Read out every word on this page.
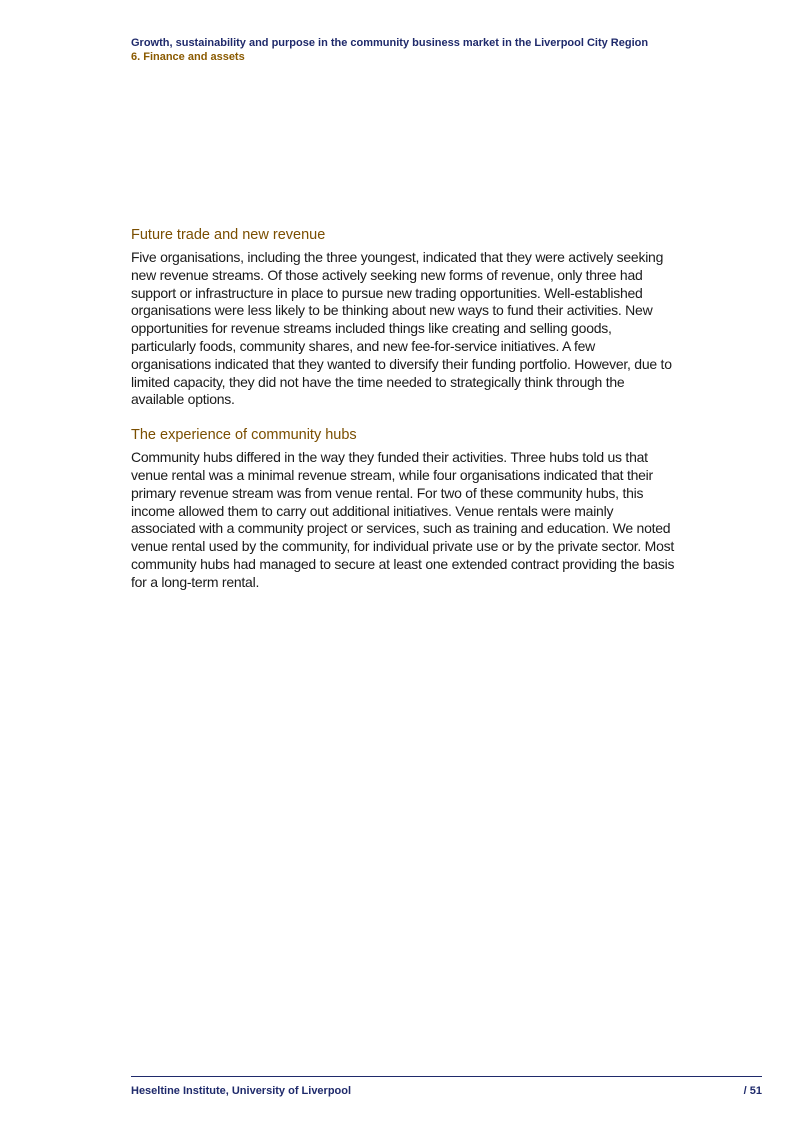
Growth, sustainability and purpose in the community business market in the Liverpool City Region
6. Finance and assets
Future trade and new revenue

Five organisations, including the three youngest, indicated that they were actively seeking new revenue streams. Of those actively seeking new forms of revenue, only three had support or infrastructure in place to pursue new trading opportunities. Well-established organisations were less likely to be thinking about new ways to fund their activities. New opportunities for revenue streams included things like creating and selling goods, particularly foods, community shares, and new fee-for-service initiatives. A few organisations indicated that they wanted to diversify their funding portfolio. However, due to limited capacity, they did not have the time needed to strategically think through the available options.

The experience of community hubs

Community hubs differed in the way they funded their activities. Three hubs told us that venue rental was a minimal revenue stream, while four organisations indicated that their primary revenue stream was from venue rental. For two of these community hubs, this income allowed them to carry out additional initiatives. Venue rentals were mainly associated with a community project or services, such as training and education. We noted venue rental used by the community, for individual private use or by the private sector. Most community hubs had managed to secure at least one extended contract providing the basis for a long-term rental.

Heseltine Institute, University of Liverpool	/ 51
